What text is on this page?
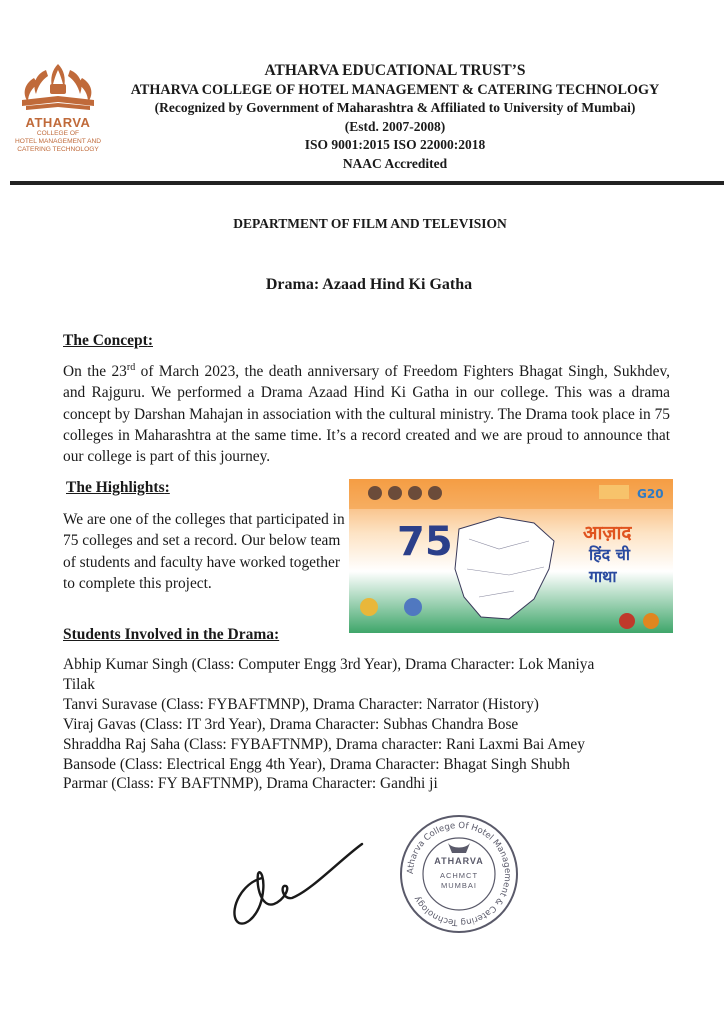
ATHARVA
COLLEGE OF
HOTEL MANAGEMENT AND
CATERING TECHNOLOGY
ATHARVA EDUCATIONAL TRUST’S
ATHARVA COLLEGE OF HOTEL MANAGEMENT & CATERING TECHNOLOGY
(Recognized by Government of Maharashtra & Affiliated to University of Mumbai)
(Estd. 2007-2008)
ISO 9001:2015 ISO 22000:2018
NAAC Accredited
DEPARTMENT OF FILM AND TELEVISION
Drama: Azaad Hind Ki Gatha
The Concept:
On the 23rd of March 2023, the death anniversary of Freedom Fighters Bhagat Singh, Sukhdev, and Rajguru. We performed a Drama Azaad Hind Ki Gatha in our college. This was a drama concept by Darshan Mahajan in association with the cultural ministry. The Drama took place in 75 colleges in Maharashtra at the same time. It’s a record created and we are proud to announce that our college is part of this journey.
The Highlights:
We are one of the colleges that participated in 75 colleges and set a record. Our below team of students and faculty have worked together to complete this project.
75
G20
आज़ाद
हिंद ची
गाथा
Students Involved in the Drama:
Abhip Kumar Singh (Class: Computer Engg 3rd Year), Drama Character: Lok Maniya
Tilak
Tanvi Suravase (Class: FYBAFTMNP), Drama Character: Narrator (History)
Viraj Gavas (Class: IT 3rd Year), Drama Character: Subhas Chandra Bose
Shraddha Raj Saha (Class: FYBAFTNMP), Drama character: Rani Laxmi Bai Amey
Bansode (Class: Electrical Engg 4th Year), Drama Character: Bhagat Singh Shubh
Parmar (Class: FY BAFTNMP), Drama Character: Gandhi ji
Atharva College Of Hotel Management & Catering Technology
ATHARVA
ACHMCT
MUMBAI
